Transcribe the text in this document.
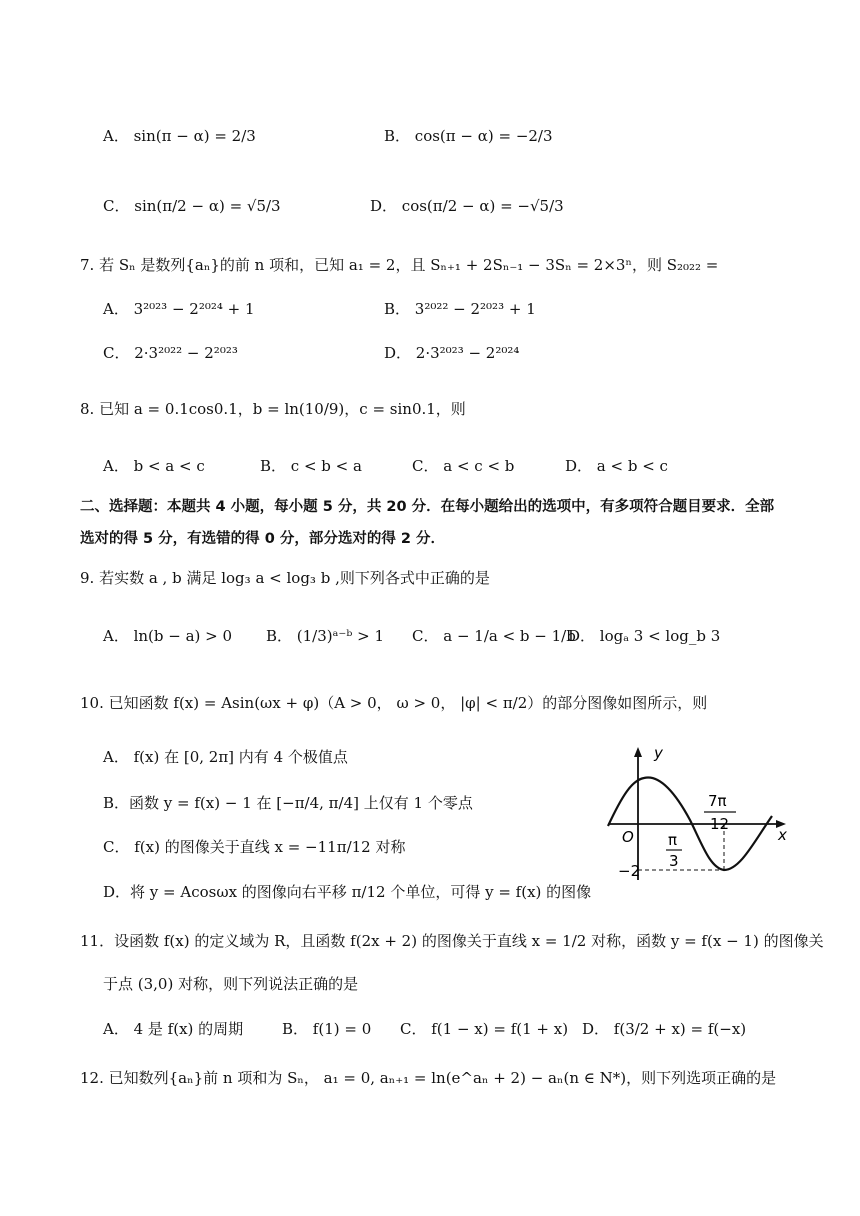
A． sin(π − α) = 2/3	B． cos(π − α) = −2/3
C． sin(π/2 − α) = √5/3	D． cos(π/2 − α) = −√5/3
7. 若 Sₙ 是数列{aₙ}的前 n 项和，已知 a₁ = 2，且 Sₙ₊₁ + 2Sₙ₋₁ − 3Sₙ = 2×3ⁿ，则 S₂₀₂₂ =
A． 3²⁰²³ − 2²⁰²⁴ + 1	B． 3²⁰²² − 2²⁰²³ + 1
C． 2·3²⁰²² − 2²⁰²³	D． 2·3²⁰²³ − 2²⁰²⁴
8. 已知 a = 0.1cos0.1，b = ln(10/9)，c = sin0.1，则
A． b < a < c	B． c < b < a	C． a < c < b	D． a < b < c
二、选择题：本题共 4 小题，每小题 5 分，共 20 分．在每小题给出的选项中，有多项符合题目要求．全部
选对的得 5 分，有选错的得 0 分，部分选对的得 2 分．
9. 若实数 a , b 满足 log₃ a < log₃ b ,则下列各式中正确的是
A． ln(b − a) > 0 B． (1/3)ᵃ⁻ᵇ > 1 C． a − 1/a < b − 1/b
D． logₐ 3 < log_b 3
10. 已知函数 f(x) = Asin(ωx + φ)（A > 0， ω > 0， |φ| < π/2）的部分图像如图所示，则
A． f(x) 在 [0, 2π] 内有 4 个极值点
B．函数 y = f(x) − 1 在 [−π/4, π/4] 上仅有 1 个零点
C． f(x) 的图像关于直线 x = −11π/12 对称
D．将 y = Acosωx 的图像向右平移 π/12 个单位，可得 y = f(x) 的图像
y
x
O
7π
12
π
3
−2
11．设函数 f(x) 的定义域为 R，且函数 f(2x + 2) 的图像关于直线 x = 1/2 对称，函数 y = f(x − 1) 的图像关
于点 (3,0) 对称，则下列说法正确的是
A． 4 是 f(x) 的周期	B． f(1) = 0 C． f(1 − x) = f(1 + x) D． f(3/2 + x) = f(−x)
12. 已知数列{aₙ}前 n 项和为 Sₙ， a₁ = 0, aₙ₊₁ = ln(e^aₙ + 2) − aₙ(n ∈ N*)，则下列选项正确的是
